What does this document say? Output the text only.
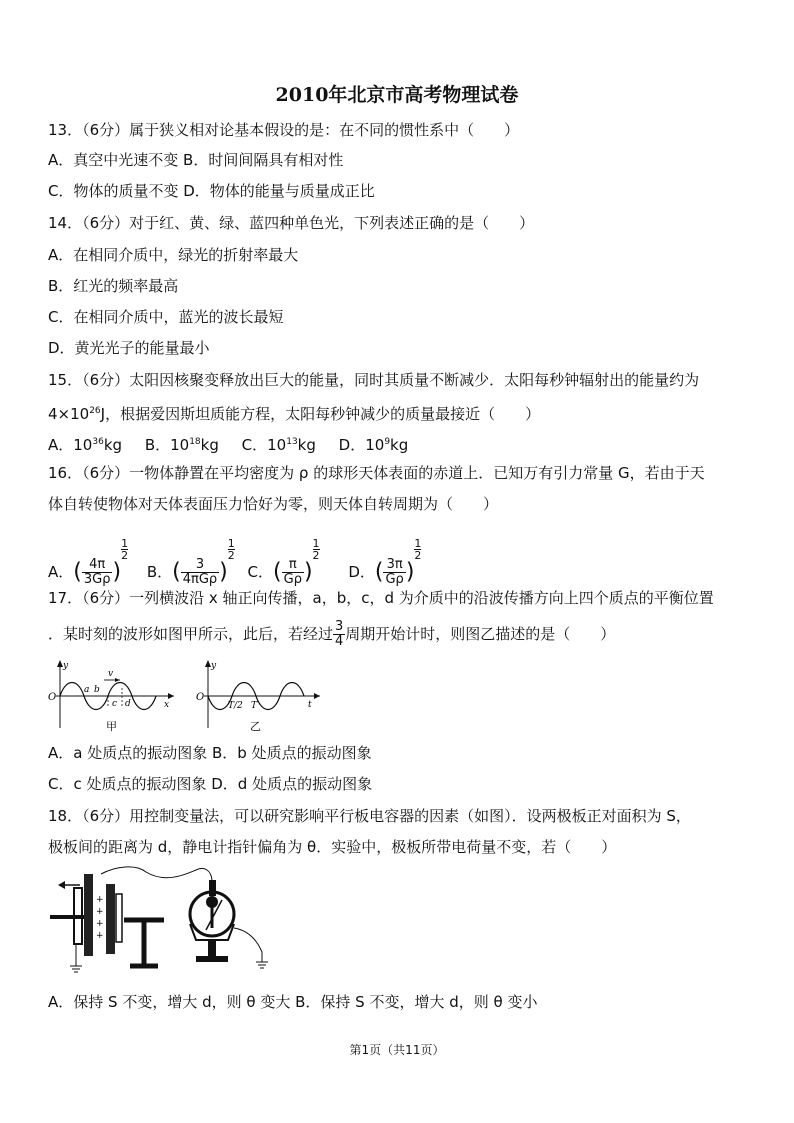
2010年北京市高考物理试卷
13．（6分）属于狭义相对论基本假设的是：在不同的惯性系中（　　）
A．真空中光速不变 B．时间间隔具有相对性
C．物体的质量不变 D．物体的能量与质量成正比
14．（6分）对于红、黄、绿、蓝四种单色光，下列表述正确的是（　　）
A．在相同介质中，绿光的折射率最大
B．红光的频率最高
C．在相同介质中，蓝光的波长最短
D．黄光光子的能量最小
15．（6分）太阳因核聚变释放出巨大的能量，同时其质量不断减少．太阳每秒钟辐射出的能量约为
$4\times 10^{26}J$，根据爱因斯坦质能方程，太阳每秒钟减少的质量最接近（　　）
A．$10^{36}kg$ B．$10^{18}kg$ C．$10^{13}kg$ D．$10^9kg$
16．（6分）一物体静置在平均密度为 ρ 的球形天体表面的赤道上．已知万有引力常量 G，若由于天
体自转使物体对天体表面压力恰好为零，则天体自转周期为（　　）
A．( $\frac{4\pi}{3G\rho}$ )
$\frac{1}{2}$
B．( $\frac{3}{\text{4πGρ}}$ )
$\frac{1}{2}$
C．( $\frac{\pi}{G\rho}$ )
$\frac{1}{2}$
D．( $\frac{3\pi}{G\rho}$ )
$\frac{1}{2}$
17．（6分）一列横波沿 x 轴正向传播，a，b，c，d 为介质中的沿波传播方向上四个质点的平衡位置
．某时刻的波形如图甲所示，此后，若经过 $\frac{3}{4}$ 周期开始计时，则图乙描述的是（　　）
y
O
v
a b
c d	x
甲
y
O
T/2 T	t
乙
A．a 处质点的振动图象 B．b 处质点的振动图象
C．c 处质点的振动图象 D．d 处质点的振动图象
18．（6分）用控制变量法，可以研究影响平行板电容器的因素（如图）．设两极板正对面积为 S，
极板间的距离为 d，静电计指针偏角为 θ．实验中，极板所带电荷量不变，若（　　）
+
+
+
+
A．保持 S 不变，增大 d，则 θ 变大 B．保持 S 不变，增大 d，则 θ 变小
第1页（共11页）
